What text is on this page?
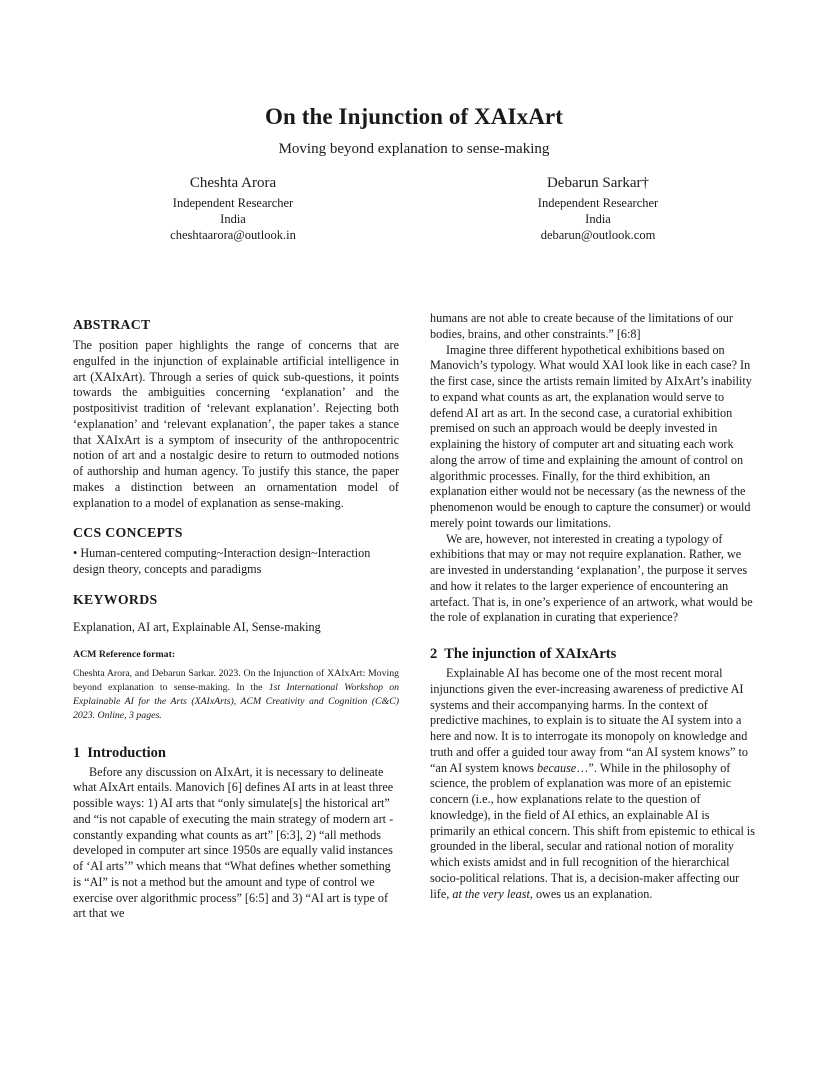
On the Injunction of XAIxArt
Moving beyond explanation to sense-making
Cheshta Arora
Independent Researcher
India
cheshtaarora@outlook.in
Debarun Sarkar†
Independent Researcher
India
debarun@outlook.com
ABSTRACT

The position paper highlights the range of concerns that are engulfed in the injunction of explainable artificial intelligence in art (XAIxArt). Through a series of quick sub-questions, it points towards the ambiguities concerning ‘explanation’ and the postpositivist tradition of ‘relevant explanation’. Rejecting both ‘explanation’ and ‘relevant explanation’, the paper takes a stance that XAIxArt is a symptom of insecurity of the anthropocentric notion of art and a nostalgic desire to return to outmoded notions of authorship and human agency. To justify this stance, the paper makes a distinction between an ornamentation model of explanation to a model of explanation as sense-making.

CCS CONCEPTS

• Human-centered computing~Interaction design~Interaction design theory, concepts and paradigms

KEYWORDS

Explanation, AI art, Explainable AI, Sense-making

ACM Reference format:

Cheshta Arora, and Debarun Sarkar. 2023. On the Injunction of XAIxArt: Moving beyond explanation to sense-making. In the 1st International Workshop on Explainable AI for the Arts (XAIxArts), ACM Creativity and Cognition (C&C) 2023. Online, 3 pages.

1 Introduction

Before any discussion on AIxArt, it is necessary to delineate what AIxArt entails. Manovich [6] defines AI arts in at least three possible ways: 1) AI arts that “only simulate[s] the historical art” and “is not capable of executing the main strategy of modern art - constantly expanding what counts as art” [6:3], 2) “all methods developed in computer art since 1950s are equally valid instances of ‘AI arts’” which means that “What defines whether something is “AI” is not a method but the amount and type of control we exercise over algorithmic process” [6:5] and 3) “AI art is type of art that we

humans are not able to create because of the limitations of our bodies, brains, and other constraints.” [6:8]

Imagine three different hypothetical exhibitions based on Manovich’s typology. What would XAI look like in each case? In the first case, since the artists remain limited by AIxArt’s inability to expand what counts as art, the explanation would serve to defend AI art as art. In the second case, a curatorial exhibition premised on such an approach would be deeply invested in explaining the history of computer art and situating each work along the arrow of time and explaining the amount of control on algorithmic processes. Finally, for the third exhibition, an explanation either would not be necessary (as the newness of the phenomenon would be enough to capture the consumer) or would merely point towards our limitations.

We are, however, not interested in creating a typology of exhibitions that may or may not require explanation. Rather, we are invested in understanding ‘explanation’, the purpose it serves and how it relates to the larger experience of encountering an artefact. That is, in one’s experience of an artwork, what would be the role of explanation in curating that experience?

2 The injunction of XAIxArts

Explainable AI has become one of the most recent moral injunctions given the ever-increasing awareness of predictive AI systems and their accompanying harms. In the context of predictive machines, to explain is to situate the AI system into a here and now. It is to interrogate its monopoly on knowledge and truth and offer a guided tour away from “an AI system knows” to “an AI system knows because…”. While in the philosophy of science, the problem of explanation was more of an epistemic concern (i.e., how explanations relate to the question of knowledge), in the field of AI ethics, an explainable AI is primarily an ethical concern. This shift from epistemic to ethical is grounded in the liberal, secular and rational notion of morality which exists amidst and in full recognition of the hierarchical socio-political relations. That is, a decision-maker affecting our life, at the very least, owes us an explanation.
